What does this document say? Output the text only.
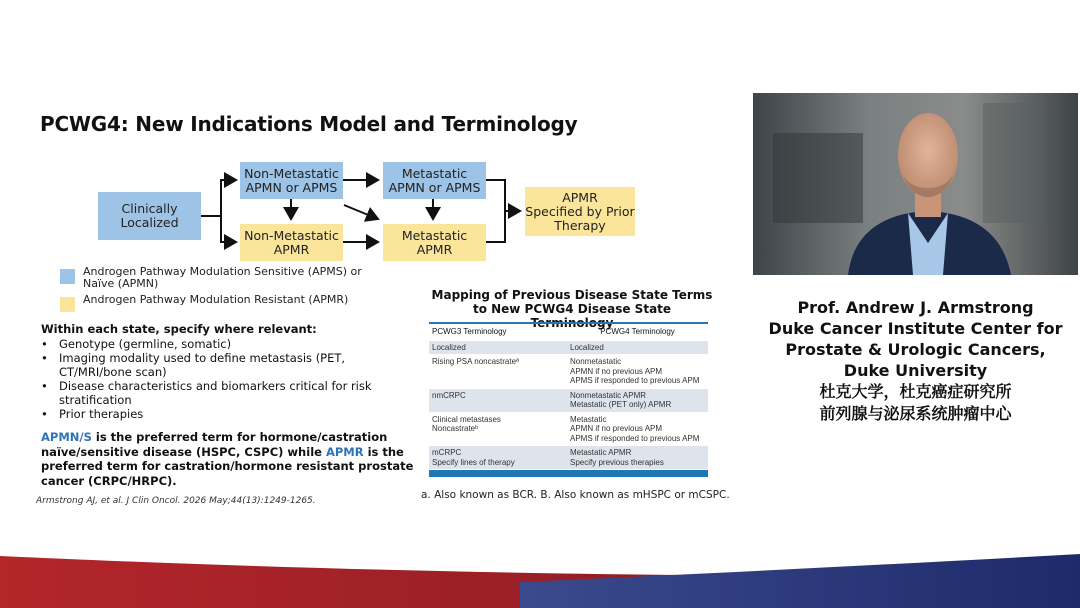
PCWG4: New Indications Model and Terminology
Clinically
Localized
Non-Metastatic
APMN or APMS
Metastatic
APMN or APMS
Non-Metastatic
APMR
Metastatic
APMR
APMR
Specified by Prior
Therapy
Androgen Pathway Modulation Sensitive (APMS) or Naïve (APMN)
Androgen Pathway Modulation Resistant (APMR)
Within each state, specify where relevant:
• Genotype (germline, somatic)
• Imaging modality used to define metastasis (PET, CT/MRI/bone scan)
• Disease characteristics and biomarkers critical for risk stratification
• Prior therapies
APMN/S is the preferred term for hormone/castration naïve/sensitive disease (HSPC, CSPC) while APMR is the preferred term for castration/hormone resistant prostate cancer (CRPC/HRPC).
Armstrong AJ, et al. J Clin Oncol. 2026 May;44(13):1249-1265.
Mapping of Previous Disease State Terms to New PCWG4 Disease State Terminology
PCWG3 Terminology	PCWG4 Terminology
Localized	Localized
Rising PSA noncastrateª	Nonmetastatic
APMN if no previous APM
APMS if responded to previous APM
nmCRPC	Nonmetastatic APMR
Metastatic (PET only) APMR
Clinical metastases
Noncastrateᵇ	Metastatic
APMN if no previous APM
APMS if responded to previous APM
mCRPC
Specify lines of therapy	Metastatic APMR
Specify previous therapies
a. Also known as BCR. B. Also known as mHSPC or mCSPC.
Prof. Andrew J. Armstrong
Duke Cancer Institute Center for
Prostate & Urologic Cancers,
Duke University
杜克大学，杜克癌症研究所
前列腺与泌尿系统肿瘤中心
